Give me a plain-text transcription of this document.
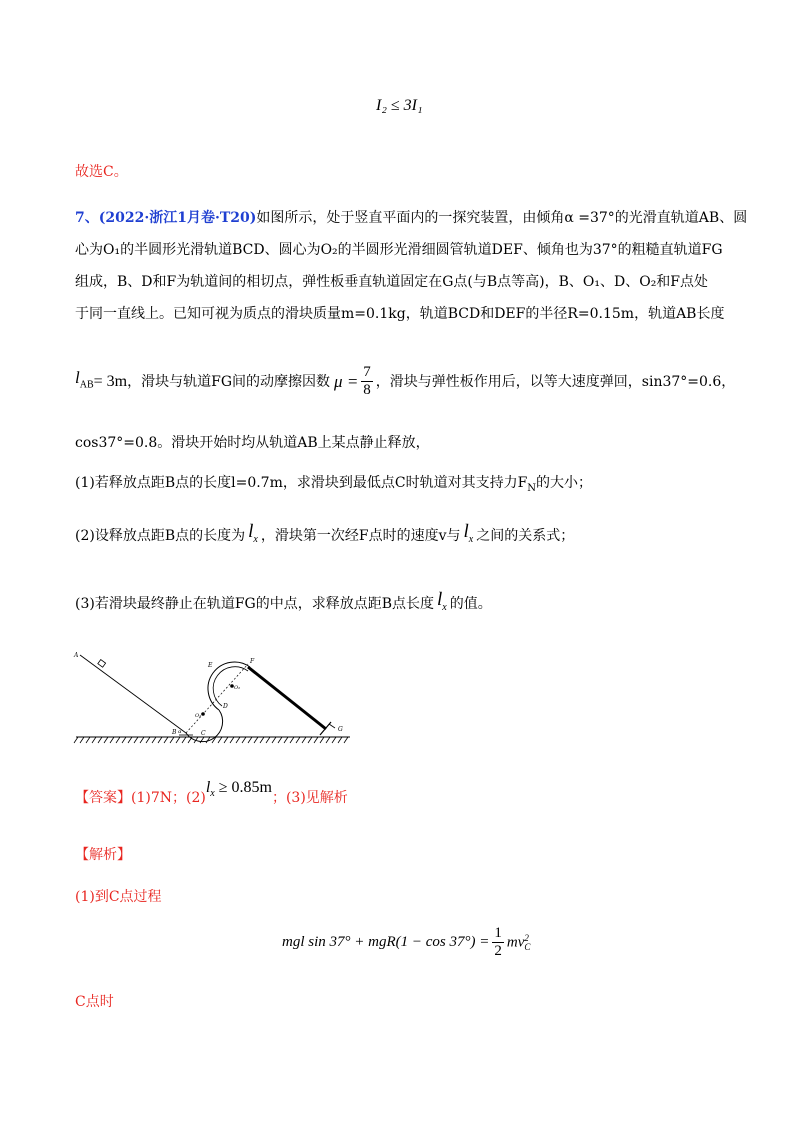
I₂ ≤ 3I₁
故选C。
7、(2022·浙江1月卷·T20)如图所示，处于竖直平面内的一探究装置，由倾角α =37°的光滑直轨道AB、圆
心为O₁的半圆形光滑轨道BCD、圆心为O₂的半圆形光滑细圆管轨道DEF、倾角也为37°的粗糙直轨道FG
组成，B、D和F为轨道间的相切点，弹性板垂直轨道固定在G点(与B点等高)，B、O₁、D、O₂和F点处
于同一直线上。已知可视为质点的滑块质量m=0.1kg，轨道BCD和DEF的半径R=0.15m，轨道AB长度
$l_{AB} = 3m$ ，滑块与轨道FG间的动摩擦因数 $\mu = \frac{7}{8}$ ，滑块与弹性板作用后，以等大速度弹回，sin37°=0.6，
cos37°=0.8。滑块开始时均从轨道AB上某点静止释放，
(1)若释放点距B点的长度l=0.7m，求滑块到最低点C时轨道对其支持力$F_N$的大小；
(2)设释放点距B点的长度为 $l_x$ ，滑块第一次经F点时的速度v与 $l_x$ 之间的关系式；
(3)若滑块最终静止在轨道FG的中点，求释放点距B点长度 $l_x$ 的值。
A
B	C
D
E
F
G
O₁
O₂
α
【答案】 (1)7N；(2)
$l_x \ge 0.85m$
；(3)见解析
【解析】
(1)到C点过程
mgl $\sin 37^\circ + mgR(1 - \cos 37^\circ) = \frac{1}{2}$ mv 2
C
C点时
